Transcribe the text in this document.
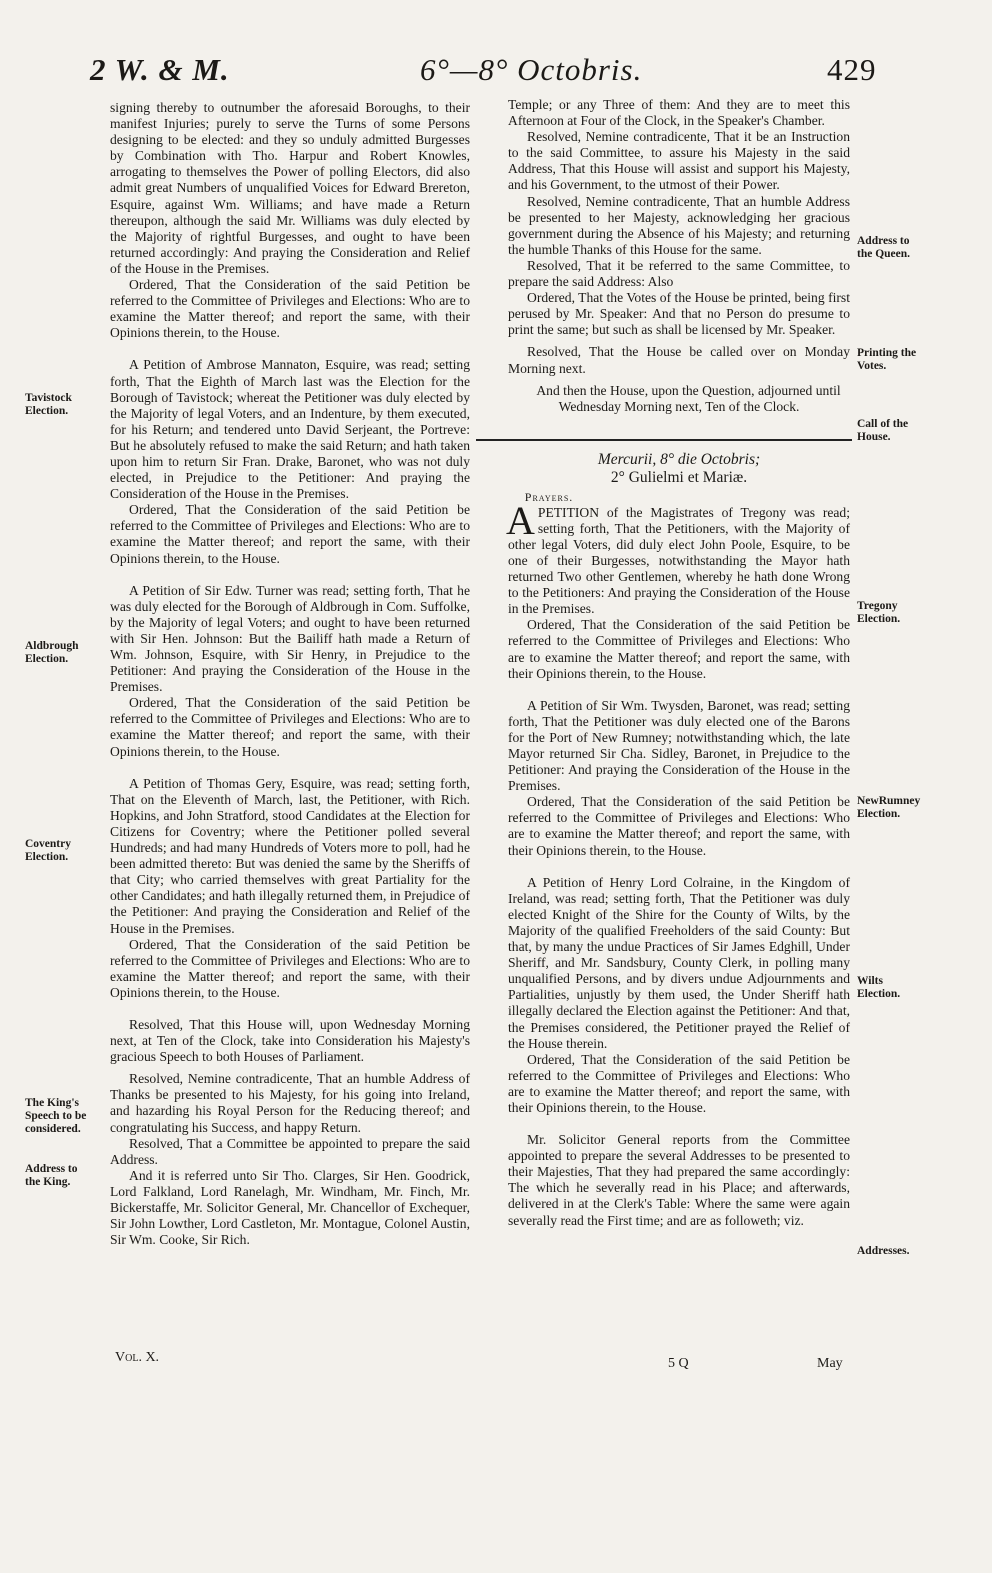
2 W. & M.	6°—8° Octobris.	429
Tavistock
Election.
Aldbrough
Election.
Coventry
Election.
The King's
Speech to be
considered.
Address to
the King.
Address to
the Queen.
Printing the
Votes.
Call of the
House.
Tregony
Election.
NewRumney
Election.
Wilts
Election.
Addresses.

signing thereby to outnumber the aforesaid Boroughs, to their manifest Injuries; purely to serve the Turns of some Persons designing to be elected: and they so unduly admitted Burgesses by Combination with Tho. Harpur and Robert Knowles, arrogating to themselves the Power of polling Electors, did also admit great Numbers of unqualified Voices for Edward Brereton, Esquire, against Wm. Williams; and have made a Return thereupon, although the said Mr. Williams was duly elected by the Majority of rightful Burgesses, and ought to have been returned accordingly: And praying the Consideration and Relief of the House in the Premises.

Ordered, That the Consideration of the said Petition be referred to the Committee of Privileges and Elections: Who are to examine the Matter thereof; and report the same, with their Opinions therein, to the House.

A Petition of Ambrose Mannaton, Esquire, was read; setting forth, That the Eighth of March last was the Election for the Borough of Tavistock; whereat the Petitioner was duly elected by the Majority of legal Voters, and an Indenture, by them executed, for his Return; and tendered unto David Serjeant, the Portreve: But he absolutely refused to make the said Return; and hath taken upon him to return Sir Fran. Drake, Baronet, who was not duly elected, in Prejudice to the Petitioner: And praying the Consideration of the House in the Premises.

Ordered, That the Consideration of the said Petition be referred to the Committee of Privileges and Elections: Who are to examine the Matter thereof; and report the same, with their Opinions therein, to the House.

A Petition of Sir Edw. Turner was read; setting forth, That he was duly elected for the Borough of Aldbrough in Com. Suffolke, by the Majority of legal Voters; and ought to have been returned with Sir Hen. Johnson: But the Bailiff hath made a Return of Wm. Johnson, Esquire, with Sir Henry, in Prejudice to the Petitioner: And praying the Consideration of the House in the Premises.

Ordered, That the Consideration of the said Petition be referred to the Committee of Privileges and Elections: Who are to examine the Matter thereof; and report the same, with their Opinions therein, to the House.

A Petition of Thomas Gery, Esquire, was read; setting forth, That on the Eleventh of March, last, the Petitioner, with Rich. Hopkins, and John Stratford, stood Candidates at the Election for Citizens for Coventry; where the Petitioner polled several Hundreds; and had many Hundreds of Voters more to poll, had he been admitted thereto: But was denied the same by the Sheriffs of that City; who carried themselves with great Partiality for the other Candidates; and hath illegally returned them, in Prejudice of the Petitioner: And praying the Consideration and Relief of the House in the Premises.

Ordered, That the Consideration of the said Petition be referred to the Committee of Privileges and Elections: Who are to examine the Matter thereof; and report the same, with their Opinions therein, to the House.

Resolved, That this House will, upon Wednesday Morning next, at Ten of the Clock, take into Consideration his Majesty's gracious Speech to both Houses of Parliament.

Resolved, Nemine contradicente, That an humble Address of Thanks be presented to his Majesty, for his going into Ireland, and hazarding his Royal Person for the Reducing thereof; and congratulating his Success, and happy Return.

Resolved, That a Committee be appointed to prepare the said Address.

And it is referred unto Sir Tho. Clarges, Sir Hen. Goodrick, Lord Falkland, Lord Ranelagh, Mr. Windham, Mr. Finch, Mr. Bickerstaffe, Mr. Solicitor General, Mr. Chancellor of Exchequer, Sir John Lowther, Lord Castleton, Mr. Montague, Colonel Austin, Sir Wm. Cooke, Sir Rich.

Temple; or any Three of them: And they are to meet this Afternoon at Four of the Clock, in the Speaker's Chamber.

Resolved, Nemine contradicente, That it be an Instruction to the said Committee, to assure his Majesty in the said Address, That this House will assist and support his Majesty, and his Government, to the utmost of their Power.

Resolved, Nemine contradicente, That an humble Address be presented to her Majesty, acknowledging her gracious government during the Absence of his Majesty; and returning the humble Thanks of this House for the same.

Resolved, That it be referred to the same Committee, to prepare the said Address: Also

Ordered, That the Votes of the House be printed, being first perused by Mr. Speaker: And that no Person do presume to print the same; but such as shall be licensed by Mr. Speaker.

Resolved, That the House be called over on Monday Morning next.

And then the House, upon the Question, adjourned until Wednesday Morning next, Ten of the Clock.

Mercurii, 8° die Octobris;
2° Gulielmi et Mariæ.

Prayers.

APETITION of the Magistrates of Tregony was read; setting forth, That the Petitioners, with the Majority of other legal Voters, did duly elect John Poole, Esquire, to be one of their Burgesses, notwithstanding the Mayor hath returned Two other Gentlemen, whereby he hath done Wrong to the Petitioners: And praying the Consideration of the House in the Premises.

Ordered, That the Consideration of the said Petition be referred to the Committee of Privileges and Elections: Who are to examine the Matter thereof; and report the same, with their Opinions therein, to the House.

A Petition of Sir Wm. Twysden, Baronet, was read; setting forth, That the Petitioner was duly elected one of the Barons for the Port of New Rumney; notwithstanding which, the late Mayor returned Sir Cha. Sidley, Baronet, in Prejudice to the Petitioner: And praying the Consideration of the House in the Premises.

Ordered, That the Consideration of the said Petition be referred to the Committee of Privileges and Elections: Who are to examine the Matter thereof; and report the same, with their Opinions therein, to the House.

A Petition of Henry Lord Colraine, in the Kingdom of Ireland, was read; setting forth, That the Petitioner was duly elected Knight of the Shire for the County of Wilts, by the Majority of the qualified Freeholders of the said County: But that, by many the undue Practices of Sir James Edghill, Under Sheriff, and Mr. Sandsbury, County Clerk, in polling many unqualified Persons, and by divers undue Adjournments and Partialities, unjustly by them used, the Under Sheriff hath illegally declared the Election against the Petitioner: And that, the Premises considered, the Petitioner prayed the Relief of the House therein.

Ordered, That the Consideration of the said Petition be referred to the Committee of Privileges and Elections: Who are to examine the Matter thereof; and report the same, with their Opinions therein, to the House.

Mr. Solicitor General reports from the Committee appointed to prepare the several Addresses to be presented to their Majesties, That they had prepared the same accordingly: The which he severally read in his Place; and afterwards, delivered in at the Clerk's Table: Where the same were again severally read the First time; and are as followeth; viz.

Vol. X.	5 Q	May
